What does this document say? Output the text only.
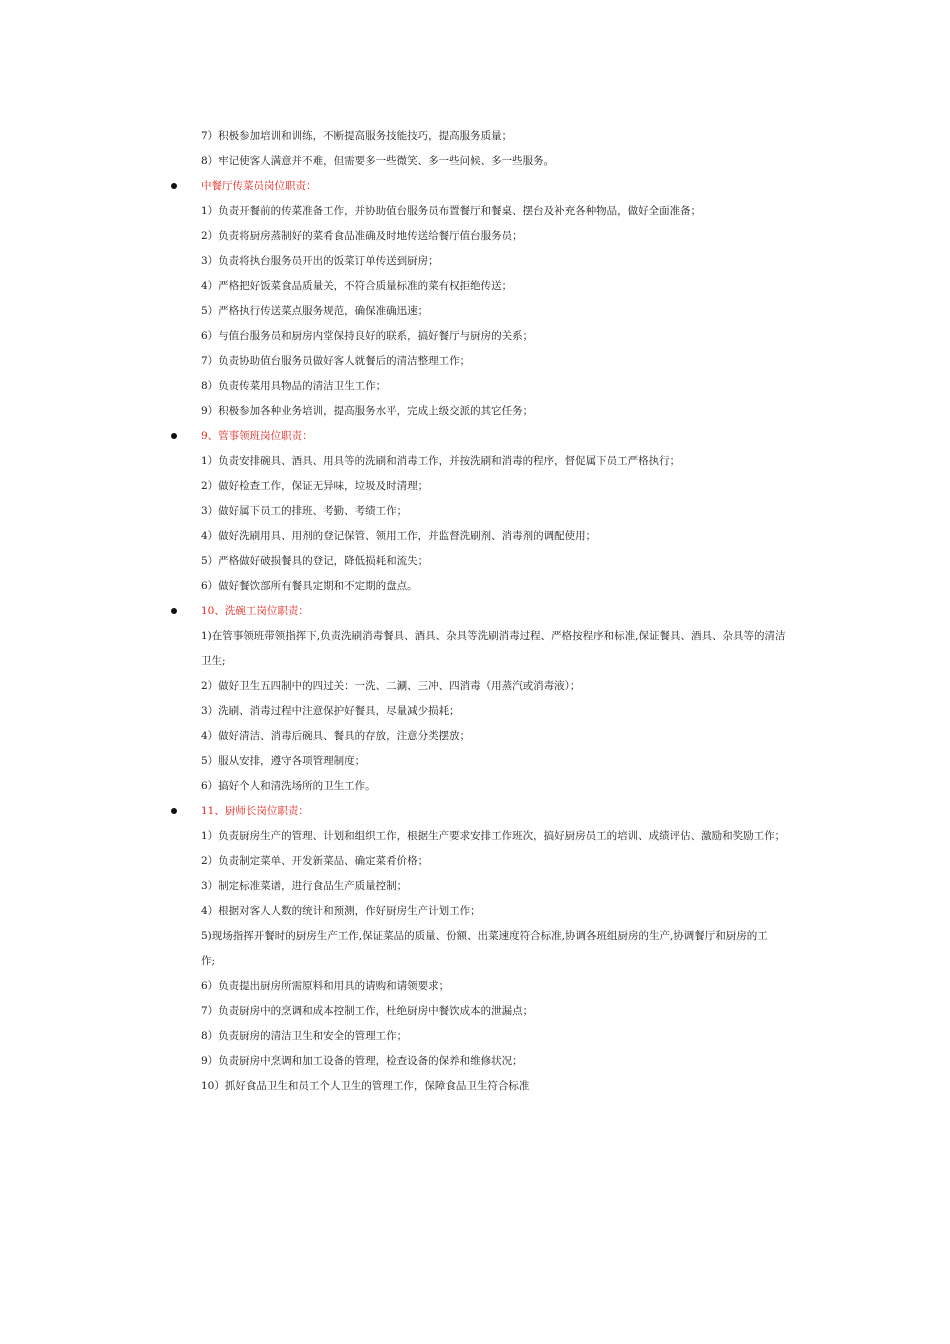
7）积极参加培训和训练，不断提高服务技能技巧，提高服务质量；
8）牢记使客人满意并不难，但需要多一些微笑、多一些问候、多一些服务。
中餐厅传菜员岗位职责：
1）负责开餐前的传菜准备工作，并协助值台服务员布置餐厅和餐桌、摆台及补充各种物品，做好全面准备；
2）负责将厨房蒸制好的菜肴食品准确及时地传送给餐厅值台服务员；
3）负责将执台服务员开出的饭菜订单传送到厨房；
4）严格把好饭菜食品质量关，不符合质量标准的菜有权拒绝传送；
5）严格执行传送菜点服务规范，确保准确迅速；
6）与值台服务员和厨房内堂保持良好的联系，搞好餐厅与厨房的关系；
7）负责协助值台服务员做好客人就餐后的清洁整理工作；
8）负责传菜用具物品的清洁卫生工作；
9）积极参加各种业务培训，提高服务水平，完成上级交派的其它任务；
9、管事领班岗位职责：
1）负责安排碗具、酒具、用具等的洗刷和消毒工作，并按洗刷和消毒的程序，督促属下员工严格执行；
2）做好检查工作，保证无异味，垃圾及时清理；
3）做好属下员工的排班、考勤、考绩工作；
4）做好洗刷用具、用剂的登记保管、领用工作，并监督洗刷剂、消毒剂的调配使用；
5）严格做好破损餐具的登记，降低损耗和流失；
6）做好餐饮部所有餐具定期和不定期的盘点。
10、洗碗工岗位职责：
1)在管事领班带领指挥下,负责洗刷消毒餐具、酒具、杂具等洗刷消毒过程、严格按程序和标准,保证餐具、酒具、杂具等的清洁
卫生;
2）做好卫生五四制中的四过关：一洗、二涮、三冲、四消毒（用蒸汽或消毒液）；
3）洗刷、消毒过程中注意保护好餐具，尽量减少损耗；
4）做好清洁、消毒后碗具、餐具的存放，注意分类摆放；
5）服从安排，遵守各项管理制度；
6）搞好个人和清洗场所的卫生工作。
11、厨师长岗位职责：
1）负责厨房生产的管理、计划和组织工作，根据生产要求安排工作班次，搞好厨房员工的培训、成绩评估、激励和奖励工作；
2）负责制定菜单、开发新菜品、确定菜肴价格；
3）制定标准菜谱，进行食品生产质量控制；
4）根据对客人人数的统计和预测，作好厨房生产计划工作；
5)现场指挥开餐时的厨房生产工作,保证菜品的质量、份额、出菜速度符合标准,协调各班组厨房的生产,协调餐厅和厨房的工
作;
6）负责提出厨房所需原料和用具的请购和请领要求；
7）负责厨房中的烹调和成本控制工作，杜绝厨房中餐饮成本的泄漏点；
8）负责厨房的清洁卫生和安全的管理工作；
9）负责厨房中烹调和加工设备的管理，检查设备的保养和维修状况；
10）抓好食品卫生和员工个人卫生的管理工作，保障食品卫生符合标准
